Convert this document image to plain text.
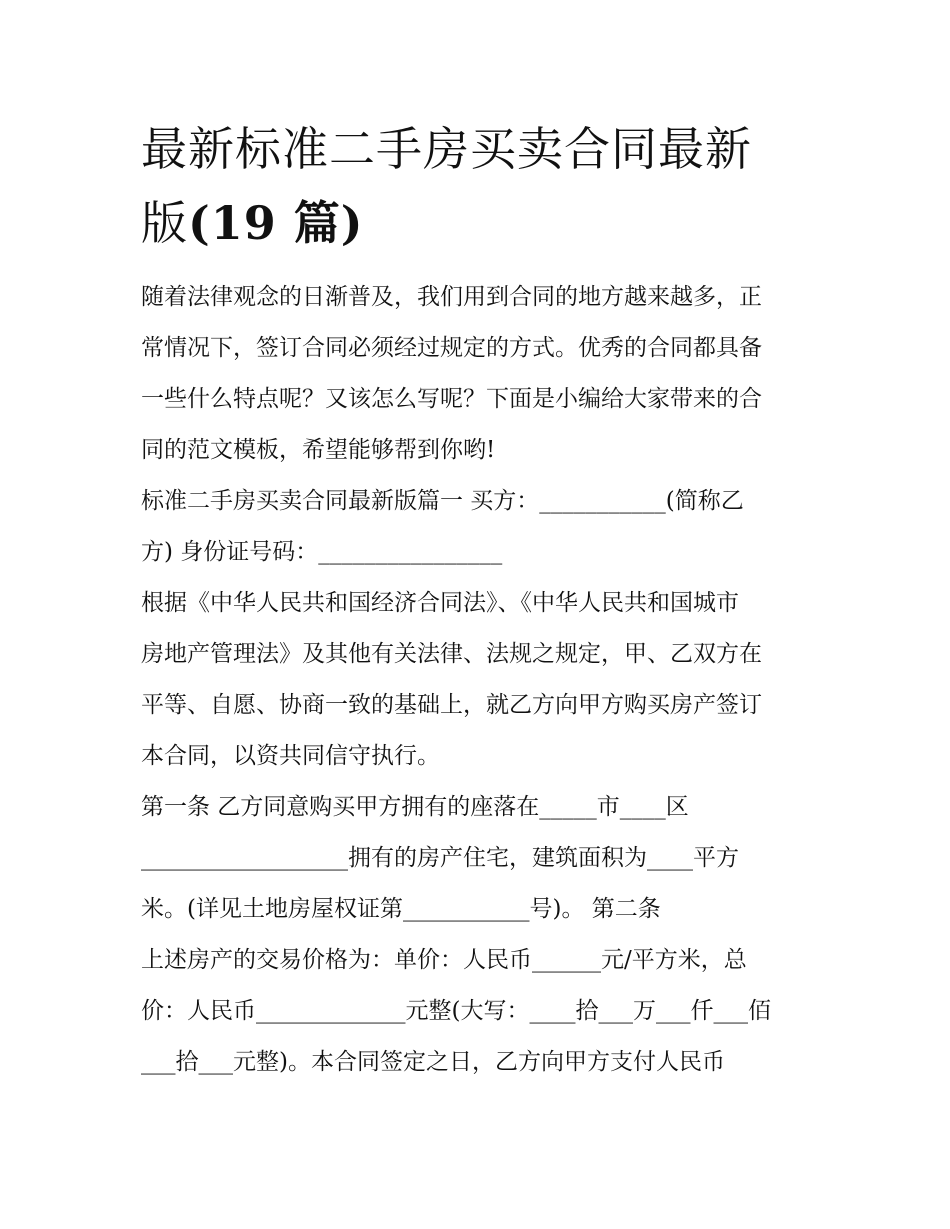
最新标准二手房买卖合同最新
版(19 篇)

随着法律观念的日渐普及，我们用到合同的地方越来越多，正
常情况下，签订合同必须经过规定的方式。优秀的合同都具备
一些什么特点呢？又该怎么写呢？下面是小编给大家带来的合
同的范文模板，希望能够帮到你哟!

标准二手房买卖合同最新版篇一 买方：___________(简称乙
方) 身份证号码：________________

根据《中华人民共和国经济合同法》、《中华人民共和国城市
房地产管理法》及其他有关法律、法规之规定，甲、乙双方在
平等、自愿、协商一致的基础上，就乙方向甲方购买房产签订
本合同，以资共同信守执行。

第一条 乙方同意购买甲方拥有的座落在_____市____区
__________________拥有的房产住宅，建筑面积为____平方
米。(详见土地房屋权证第___________号)。 第二条

上述房产的交易价格为：单价：人民币______元/平方米，总
价：人民币_____________元整(大写：____拾___万___仟___佰
___拾___元整)。本合同签定之日，乙方向甲方支付人民币
